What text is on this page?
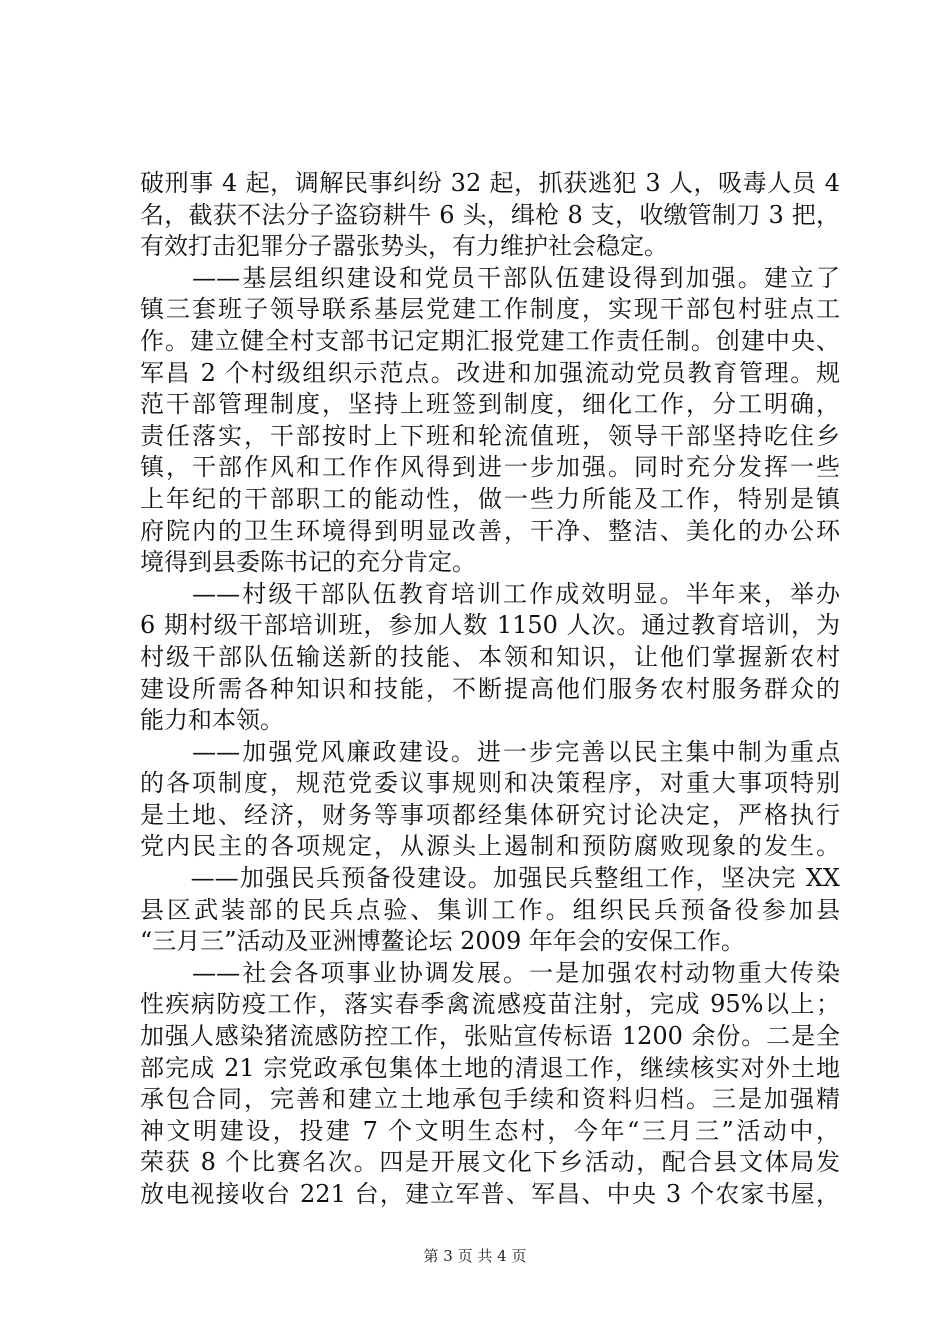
破刑事 4 起，调解民事纠纷 32 起，抓获逃犯 3 人，吸毒人员 4
名，截获不法分子盗窃耕牛 6 头，缉枪 8 支，收缴管制刀 3 把，
有效打击犯罪分子嚣张势头，有力维护社会稳定。
　　——基层组织建设和党员干部队伍建设得到加强。建立了
镇三套班子领导联系基层党建工作制度，实现干部包村驻点工
作。建立健全村支部书记定期汇报党建工作责任制。创建中央、
军昌 2 个村级组织示范点。改进和加强流动党员教育管理。规
范干部管理制度，坚持上班签到制度，细化工作，分工明确，
责任落实，干部按时上下班和轮流值班，领导干部坚持吃住乡
镇，干部作风和工作作风得到进一步加强。同时充分发挥一些
上年纪的干部职工的能动性，做一些力所能及工作，特别是镇
府院内的卫生环境得到明显改善，干净、整洁、美化的办公环
境得到县委陈书记的充分肯定。
　　——村级干部队伍教育培训工作成效明显。半年来，举办
6 期村级干部培训班，参加人数 1150 人次。通过教育培训，为
村级干部队伍输送新的技能、本领和知识，让他们掌握新农村
建设所需各种知识和技能，不断提高他们服务农村服务群众的
能力和本领。
　　——加强党风廉政建设。进一步完善以民主集中制为重点
的各项制度，规范党委议事规则和决策程序，对重大事项特别
是土地、经济，财务等事项都经集体研究讨论决定，严格执行
党内民主的各项规定，从源头上遏制和预防腐败现象的发生。
　　——加强民兵预备役建设。加强民兵整组工作，坚决完 XX
县区武装部的民兵点验、集训工作。组织民兵预备役参加县
“三月三”活动及亚洲博鳌论坛 2009 年年会的安保工作。
　　——社会各项事业协调发展。一是加强农村动物重大传染
性疾病防疫工作，落实春季禽流感疫苗注射，完成 95%以上；
加强人感染猪流感防控工作，张贴宣传标语 1200 余份。二是全
部完成 21 宗党政承包集体土地的清退工作，继续核实对外土地
承包合同，完善和建立土地承包手续和资料归档。三是加强精
神文明建设，投建 7 个文明生态村，今年“三月三”活动中，
荣获 8 个比赛名次。四是开展文化下乡活动，配合县文体局发
放电视接收台 221 台，建立军普、军昌、中央 3 个农家书屋，
第 3 页 共 4 页
